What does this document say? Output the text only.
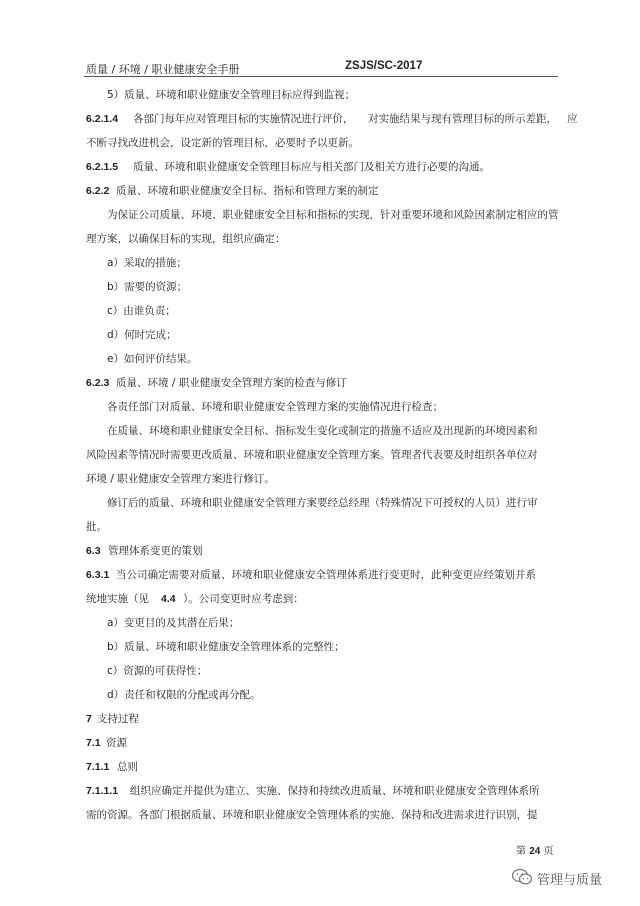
质量 / 环境 / 职业健康安全手册	ZSJS/SC-2017
5）质量、环境和职业健康安全管理目标应得到监视；
6.2.1.4 各部门每年应对管理目标的实施情况进行评价， 对实施结果与现有管理目标的所示差距， 应
不断寻找改进机会，设定新的管理目标，必要时予以更新。
6.2.1.5 质量、环境和职业健康安全管理目标应与相关部门及相关方进行必要的沟通。
6.2.2 质量、环境和职业健康安全目标、指标和管理方案的制定
为保证公司质量、环境、职业健康安全目标和指标的实现，针对重要环境和风险因素制定相应的管
理方案，以确保目标的实现，组织应确定：
a）采取的措施；
b）需要的资源；
c）由谁负责；
d）何时完成；
e）如何评价结果。
6.2.3 质量、环境 / 职业健康安全管理方案的检查与修订
各责任部门对质量、环境和职业健康安全管理方案的实施情况进行检查；
在质量、环境和职业健康安全目标、指标发生变化或制定的措施不适应及出现新的环境因素和
风险因素等情况时需要更改质量、环境和职业健康安全管理方案。管理者代表要及时组织各单位对
环境 / 职业健康安全管理方案进行修订。
修订后的质量、环境和职业健康安全管理方案要经总经理（特殊情况下可授权的人员）进行审
批。
6.3 管理体系变更的策划
6.3.1 当公司确定需要对质量、环境和职业健康安全管理体系进行变更时，此种变更应经策划并系
统地实施（见 4.4 ）。公司变更时应考虑到：
a）变更目的及其潜在后果；
b）质量、环境和职业健康安全管理体系的完整性；
c）资源的可获得性；
d）责任和权限的分配或再分配。
7 支持过程
7.1 资源
7.1.1 总则
7.1.1.1 组织应确定并提供为建立、实施、保持和持续改进质量、环境和职业健康安全管理体系所
需的资源。各部门根据质量、环境和职业健康安全管理体系的实施、保持和改进需求进行识别，提
第 24 页
管理与质量
